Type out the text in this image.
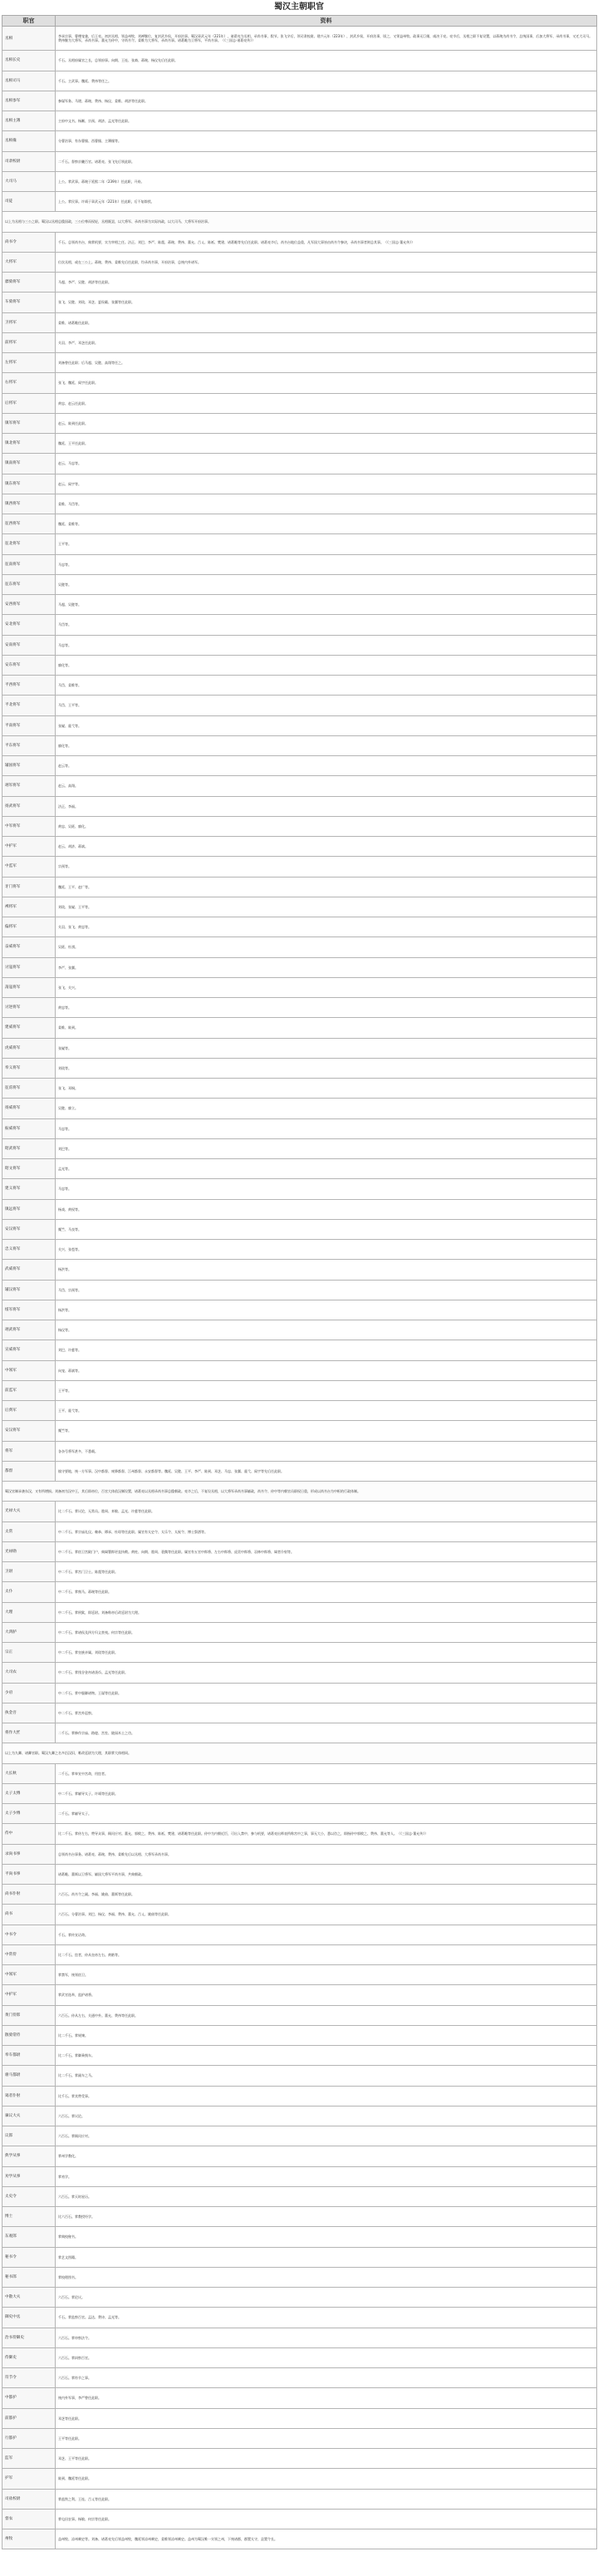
蜀汉主朝职官
职官	资料
丞相	李承宗事，曹傅宠兼，后王亮。初封丞相，领益州牧，刘禅继位，复封武乡侯，开府治事。蜀汉章武元年（221年），诸葛亮为丞相，录尚书事，假节。张飞卒后，领司隶校尉。建兴元年（223年），封武乡侯，开府治事，顷之，又领益州牧。政事无巨细，咸决于亮。亮卒后，丞相之职不复设置，以蒋琬为尚书令，总统国事，后加大将军、录尚书事，又迁大司马。费祎继为大将军，录尚书事。董允为侍中，守尚书令。姜维为大将军，录尚书事。诸葛瞻为卫将军，平尚书事。（《三国志·诸葛亮传》）
丞相长史	千石。丞相府属官之长，总领府事。向朗、王连、张裔、蒋琬、杨仪先后任此职。
丞相司马	千石。主武事。魏延、费祎等任之。
丞相参军	参谋军务。马谡、蒋琬、费祎、杨仪、姜维、胡济等任此职。
丞相主簿	主府中文书。杨颙、宗预、胡济、孟光等任此职。
丞相掾	分曹治事，有东曹掾、西曹掾、主簿掾等。
司隶校尉	二千石。督察京畿百官。诸葛亮、张飞先后领此职。
大司马	上公。掌武事。蒋琬于延熙二年（239年）任此职，开府。
司徒	上公。掌民事。许靖于章武元年（221年）任此职，后不复除授。
以上为丞相与三公之职。蜀汉以丞相总揽国政，三公位尊而权轻，丞相既罢，以大将军、录尚书事为实际执政，以大司马、大将军开府治事。	
尚书令	千石。总领尚书台，典掌机要，实为宰相之任。法正、刘巴、李严、陈震、蒋琬、费祎、董允、吕乂、陈祗、樊建、诸葛瞻等先后任此职。诸葛亮卒后，尚书台地位益重，凡军国大事皆由尚书令参决，录尚书事者则总其事。（《三国志·董允传》）
大将军	位次丞相，或在三公上。蒋琬、费祎、姜维先后任此职，均录尚书事，开府治事，总统内外诸军。
骠骑将军	马超、李严、吴懿、胡济等任此职。
车骑将军	张飞、吴懿、刘琰、邓芝、夏侯霸、张翼等任此职。
卫将军	姜维、诸葛瞻任此职。
前将军	关羽、李严、邓芝任此职。
左将军	刘备曾任此职；后马超、吴懿、高翔等任之。
右将军	张飞、魏延、阎宇任此职。
后将军	黄忠、赵云任此职。
镇军将军	赵云、陈到任此职。
镇北将军	魏延、王平任此职。
镇南将军	赵云、马忠等。
镇东将军	赵云、阎宇等。
镇西将军	姜维、马岱等。
征西将军	魏延、姜维等。
征北将军	王平等。
征南将军	马忠等。
征东将军	吴懿等。
安西将军	马超、吴懿等。
安北将军	马岱等。
安南将军	马忠等。
安东将军	廖化等。
平西将军	马岱、姜维等。
平北将军	马岱、王平等。
平南将军	张嶷、霍弋等。
平东将军	廖化等。
辅国将军	赵云等。
翊军将军	赵云、高翔。
扬武将军	法正、李福。
中军将军	黄忠、吴班、廖化。
中护军	赵云、胡济、蒋斌。
中监军	宗预等。
牙门将军	魏延、王平、赵广等。
裨将军	刘琰、张嶷、王平等。
偏将军	关羽、张飞、黄忠等。
奋威将军	吴班、杜祺。
讨寇将军	李严、张翼。
荡寇将军	张飞、关兴。
讨逆将军	黄忠等。
建威将军	姜维、陈到。
虎威将军	张嶷等。
奉义将军	刘琰等。
征虏将军	张飞、邓铜。
扬威将军	吴懿、廖立。
振威将军	马忠等。
昭武将军	刘巴等。
昭文将军	孟光等。
建义将军	马忠等。
镇远将军	杨戏、黄权等。
安汉将军	糜竺、马良等。
忠义将军	关兴、张苞等。
武威将军	杨洪等。
辅汉将军	马岱、宗预等。
绥军将军	杨洪等。
翊武将军	杨仪等。
宣威将军	刘巴、许慈等。
中领军	向宠、蒋斌等。
前监军	王平等。
后典军	王平、霍弋等。
安汉将军	糜竺等。
将军	各杂号将军甚多，不悉载。
都督	镇守要地，统一方军事。汉中都督、庲降都督、江州都督、永安都督等。魏延、吴懿、王平、李严、陈到、邓芝、马忠、张翼、霍弋、阎宇等先后任此职。
蜀汉官制承袭东汉，又有所增损。刘备初为汉中王，其后即帝位，百官大体依汉制设置，诸葛亮以丞相录尚书事总揽朝政。亮卒之后，不复设丞相，以大将军录尚书事辅政，尚书令、侍中等内朝官员职权日重，形成以尚书台为中枢的行政体制。	
光禄大夫	比二千石。掌议论，无常员。谯周、来敏、孟光、许慈等任此职。
太常	中二千石。掌宗庙礼仪。赖恭、镡承、杜琼等任此职。属官有太史令、太乐令、太祝令、博士祭酒等。
光禄勋	中二千石。掌宿卫宫殿门户，典谒署郎更直执戟。黄柱、向朗、谯周、裴儁等任此职。属官有五官中郎将、左右中郎将、虎贲中郎将、羽林中郎将、谒者仆射等。
卫尉	中二千石。掌宫门卫士。陈震等任此职。
太仆	中二千石。掌舆马。蒋琬等任此职。
大理	中二千石。掌刑狱，即廷尉。刘备称帝后改廷尉为大理。
大鸿胪	中二千石。掌诸侯及四方归义蛮夷。何宗等任此职。
宗正	中二千石。掌皇族亲属。刘琰等任此职。
大司农	中二千石。掌钱谷金帛诸货币。孟光等任此职。
少府	中二千石。掌中服御诸物。王谋等任此职。
执金吾	中二千石。掌宫外巡察。
将作大匠	二千石。掌修作宗庙、路寝、宫室、陵园木土之功。
以上为九卿、诸卿官职。蜀汉九卿之名多沿汉旧，唯改廷尉为大理，其职掌大体相同。	
大长秋	二千石。掌奉宣中宫命，用宦者。
太子太傅	中二千石。掌辅导太子。许靖等任此职。
太子少傅	二千石。掌辅导太子。
侍中	比二千石。掌侍左右，赞导众事，顾问应对。董允、郭攸之、费祎、陈祗、樊建、诸葛瞻等任此职。侍中为内朝近臣，可出入禁中，参与机要，诸葛亮出师表所称宫中之事，事无大小，悉以咨之，即指侍中郭攸之、费祎、董允等人。（《三国志·董允传》）
录尚书事	总领尚书台事务。诸葛亮、蒋琬、费祎、姜维先后以丞相、大将军录尚书事。
平尚书事	诸葛瞻、董厥以卫将军、辅国大将军平尚书事，共典朝政。
尚书仆射	六百石。尚书令之副。李福、姚伷、董厥等任此职。
尚书	六百石。分曹治事。刘巴、杨仪、李福、费祎、董允、吕乂、姚伷等任此职。
中书令	千石。掌传宣诏命。
中常侍	比二千石。宦者，侍从皇帝左右。黄皓等。
中领军	掌禁军，统领宿卫。
中护军	掌武官选举，监护诸将。
黄门侍郎	六百石。侍从左右，关通中外。董允、费祎等任此职。
散骑常侍	比二千石。掌规谏。
奉车都尉	比二千石。掌御乘舆车。
驸马都尉	比二千石。掌副车之马。
谒者仆射	比千石。掌宾赞受事。
谏议大夫	六百石。掌议论。
议郎	六百石。掌顾问应对。
典学从事	掌州学教化。
劝学从事	掌劝学。
太史令	六百石。掌天时星历。
博士	比六百石。掌教授经学。
东观郎	掌典校秘书。
秘书令	掌艺文图籍。
秘书郎	掌校理图书。
中散大夫	六百石。掌论议。
御史中丞	千石。掌监察百官。孟达、费诗、孟光等。
治书侍御史	六百石。掌审察法令。
侍御史	六百石。掌纠察百官。
符节令	六百石。掌符节之事。
中都护	统内外军事，李严曾任此职。
前都护	邓芝等任此职。
行都护	王平等任此职。
监军	邓芝、王平等任此职。
护军	陈到、魏延等任此职。
司盐校尉	掌盐铁之利。王连、吕乂等任此职。
督农	掌屯田农事。杨敏、何宗等任此职。
州牧	益州牧、凉州刺史等。刘备、诸葛亮先后领益州牧，魏延领凉州刺史，姜维领凉州刺史。益州为蜀汉唯一实领之州，下统诸郡，郡置太守，县置令长。
